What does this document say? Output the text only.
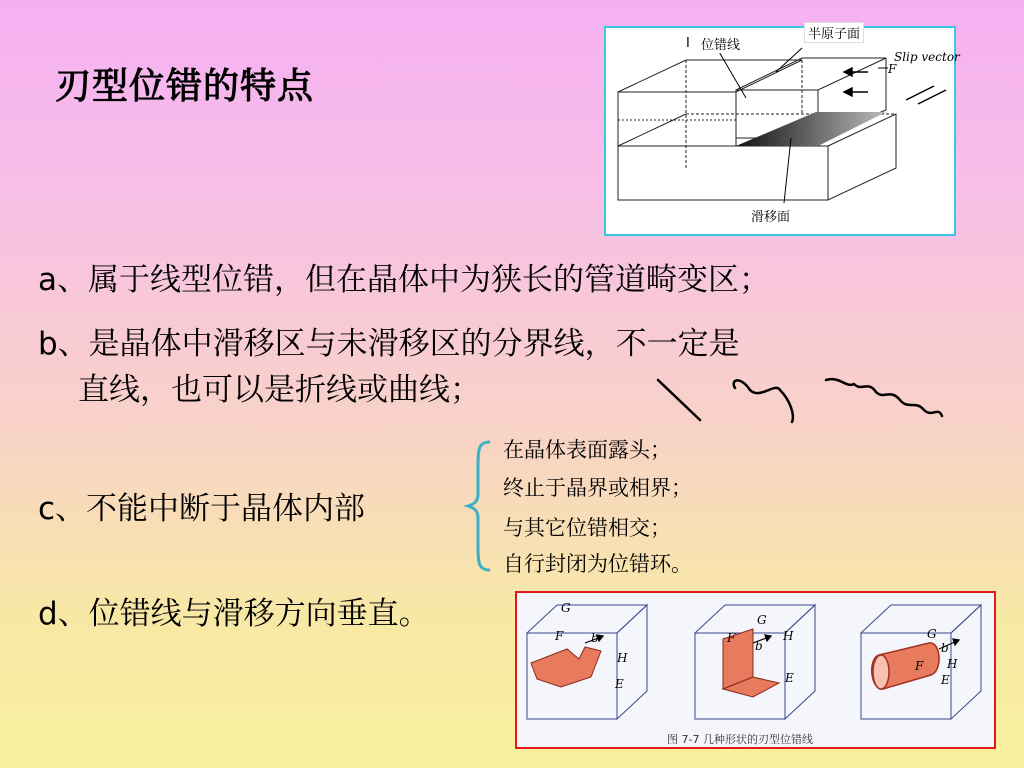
刃型位错的特点
I 位错线
半原子面
Slip vector
F
滑移面
a、属于线型位错，但在晶体中为狭长的管道畸变区；
b、是晶体中滑移区与未滑移区的分界线，不一定是
直线，也可以是折线或曲线；
c、不能中断于晶体内部
在晶体表面露头；
终止于晶界或相界；
与其它位错相交；
自行封闭为位错环。
d、位错线与滑移方向垂直。	G
F b
H
E
G
F
b
H
E
G
F
b
H
E
图 7-7 几种形状的刃型位错线
